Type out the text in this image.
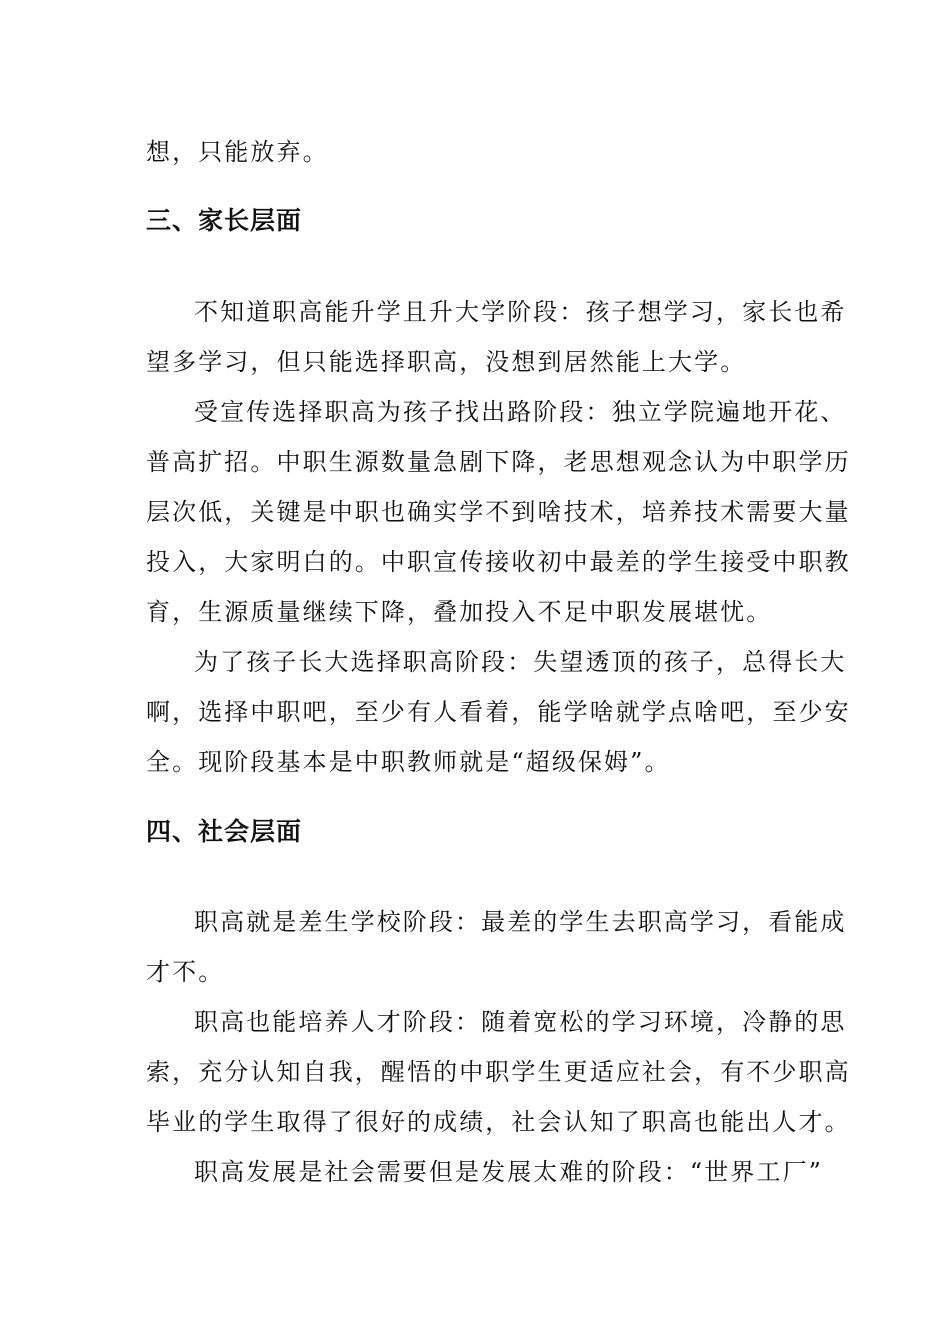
想，只能放弃。
三、家长层面
不知道职高能升学且升大学阶段：孩子想学习，家长也希
望多学习，但只能选择职高，没想到居然能上大学。
受宣传选择职高为孩子找出路阶段：独立学院遍地开花、
普高扩招。中职生源数量急剧下降，老思想观念认为中职学历
层次低，关键是中职也确实学不到啥技术，培养技术需要大量
投入，大家明白的。中职宣传接收初中最差的学生接受中职教
育，生源质量继续下降，叠加投入不足中职发展堪忧。
为了孩子长大选择职高阶段：失望透顶的孩子，总得长大
啊，选择中职吧，至少有人看着，能学啥就学点啥吧，至少安
全。现阶段基本是中职教师就是“超级保姆”。
四、社会层面
职高就是差生学校阶段：最差的学生去职高学习，看能成
才不。
职高也能培养人才阶段：随着宽松的学习环境，冷静的思
索，充分认知自我，醒悟的中职学生更适应社会，有不少职高
毕业的学生取得了很好的成绩，社会认知了职高也能出人才。
职高发展是社会需要但是发展太难的阶段：“世界工厂”
